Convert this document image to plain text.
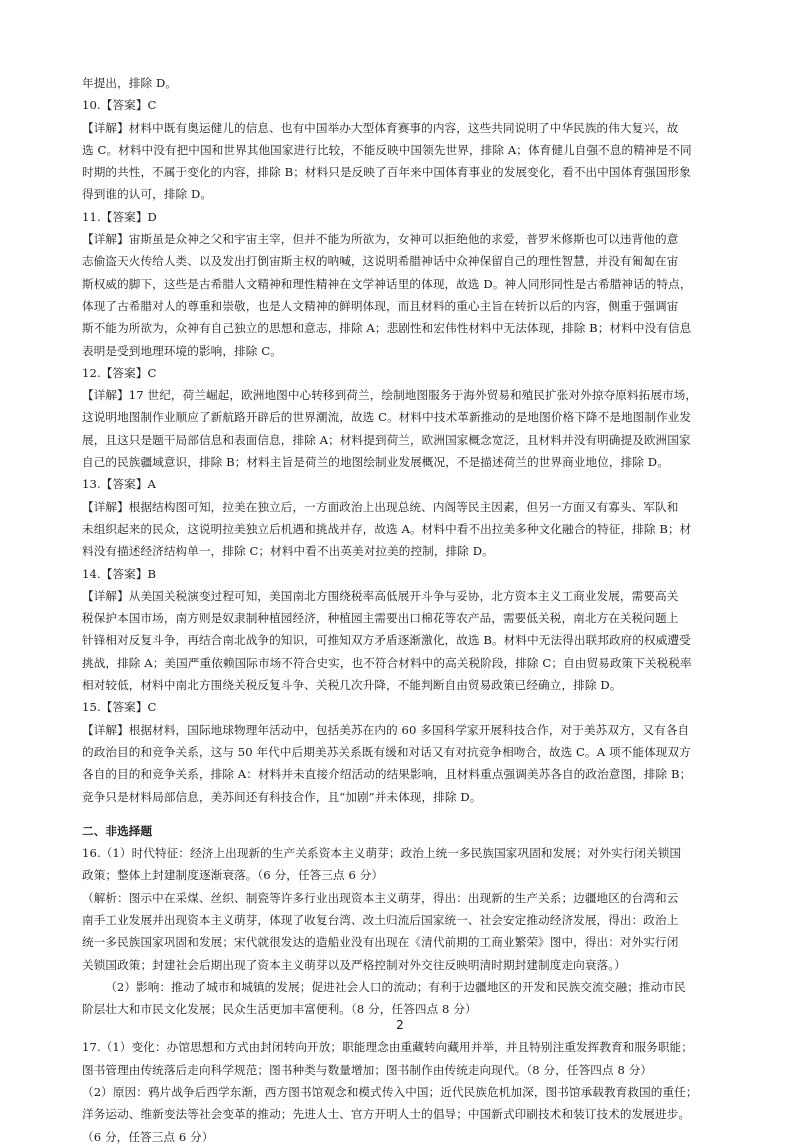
年提出，排除 D。
10.【答案】C
【详解】材料中既有奥运健儿的信息、也有中国举办大型体育赛事的内容，这些共同说明了中华民族的伟大复兴，故
选 C。材料中没有把中国和世界其他国家进行比较，不能反映中国领先世界，排除 A；体育健儿自强不息的精神是不同
时期的共性，不属于变化的内容，排除 B；材料只是反映了百年来中国体育事业的发展变化，看不出中国体育强国形象
得到谁的认可，排除 D。
11.【答案】D
【详解】宙斯虽是众神之父和宇宙主宰，但并不能为所欲为，女神可以拒绝他的求爱，普罗米修斯也可以违背他的意
志偷盗天火传给人类、以及发出打倒宙斯主权的呐喊，这说明希腊神话中众神保留自己的理性智慧，并没有匍匐在宙
斯权威的脚下，这些是古希腊人文精神和理性精神在文学神话里的体现，故选 D。神人同形同性是古希腊神话的特点，
体现了古希腊对人的尊重和崇敬，也是人文精神的鲜明体现，而且材料的重心主旨在转折以后的内容，侧重于强调宙
斯不能为所欲为，众神有自己独立的思想和意志，排除 A；悲剧性和宏伟性材料中无法体现，排除 B；材料中没有信息
表明是受到地理环境的影响，排除 C。
12.【答案】C
【详解】17 世纪，荷兰崛起，欧洲地图中心转移到荷兰，绘制地图服务于海外贸易和殖民扩张对外掠夺原料拓展市场，
这说明地图制作业顺应了新航路开辟后的世界潮流，故选 C。材料中技术革新推动的是地图价格下降不是地图制作业发
展，且这只是题干局部信息和表面信息，排除 A；材料提到荷兰，欧洲国家概念宽泛，且材料并没有明确提及欧洲国家
自己的民族疆域意识，排除 B；材料主旨是荷兰的地图绘制业发展概况，不是描述荷兰的世界商业地位，排除 D。
13.【答案】A
【详解】根据结构图可知，拉美在独立后，一方面政治上出现总统、内阁等民主因素，但另一方面又有寡头、军队和
未组织起来的民众，这说明拉美独立后机遇和挑战并存，故选 A。材料中看不出拉美多种文化融合的特征，排除 B；材
料没有描述经济结构单一，排除 C；材料中看不出英美对拉美的控制，排除 D。
14.【答案】B
【详解】从美国关税演变过程可知，美国南北方围绕税率高低展开斗争与妥协，北方资本主义工商业发展，需要高关
税保护本国市场，南方则是奴隶制种植园经济，种植园主需要出口棉花等农产品，需要低关税，南北方在关税问题上
针锋相对反复斗争，再结合南北战争的知识，可推知双方矛盾逐渐激化，故选 B。材料中无法得出联邦政府的权威遭受
挑战，排除 A；美国严重依赖国际市场不符合史实，也不符合材料中的高关税阶段，排除 C；自由贸易政策下关税税率
相对较低，材料中南北方围绕关税反复斗争、关税几次升降，不能判断自由贸易政策已经确立，排除 D。
15.【答案】C
【详解】根据材料，国际地球物理年活动中，包括美苏在内的 60 多国科学家开展科技合作，对于美苏双方，又有各自
的政治目的和竞争关系，这与 50 年代中后期美苏关系既有缓和对话又有对抗竞争相吻合，故选 C。A 项不能体现双方
各自的目的和竞争关系，排除 A：材料并未直接介绍活动的结果影响，且材料重点强调美苏各自的政治意图，排除 B；
竞争只是材料局部信息，美苏间还有科技合作，且“加剧”并未体现，排除 D。
二、非选择题
16.（1）时代特征：经济上出现新的生产关系资本主义萌芽；政治上统一多民族国家巩固和发展；对外实行闭关锁国
政策；整体上封建制度逐渐衰落。（6 分，任答三点 6 分）
（解析：图示中在采煤、丝织、制瓷等许多行业出现资本主义萌芽，得出：出现新的生产关系；边疆地区的台湾和云
南手工业发展并出现资本主义萌芽，体现了收复台湾、改土归流后国家统一、社会安定推动经济发展，得出：政治上
统一多民族国家巩固和发展；宋代就很发达的造船业没有出现在《清代前期的工商业繁荣》图中，得出：对外实行闭
关锁国政策；封建社会后期出现了资本主义萌芽以及严格控制对外交往反映明清时期封建制度走向衰落。）
（2）影响：推动了城市和城镇的发展；促进社会人口的流动；有利于边疆地区的开发和民族交流交融；推动市民
阶层壮大和市民文化发展；民众生活更加丰富便利。（8 分，任答四点 8 分）
17.（1）变化：办馆思想和方式由封闭转向开放；职能理念由重藏转向藏用并举，并且特别注重发挥教育和服务职能；
图书管理由传统落后走向科学规范；图书种类与数量增加；图书制作由传统走向现代。（8 分，任答四点 8 分）
（2）原因：鸦片战争后西学东渐，西方图书馆观念和模式传入中国；近代民族危机加深，图书馆承载教育救国的重任；
洋务运动、维新变法等社会变革的推动；先进人士、官方开明人士的倡导；中国新式印刷技术和装订技术的发展进步。
（6 分，任答三点 6 分）
2
